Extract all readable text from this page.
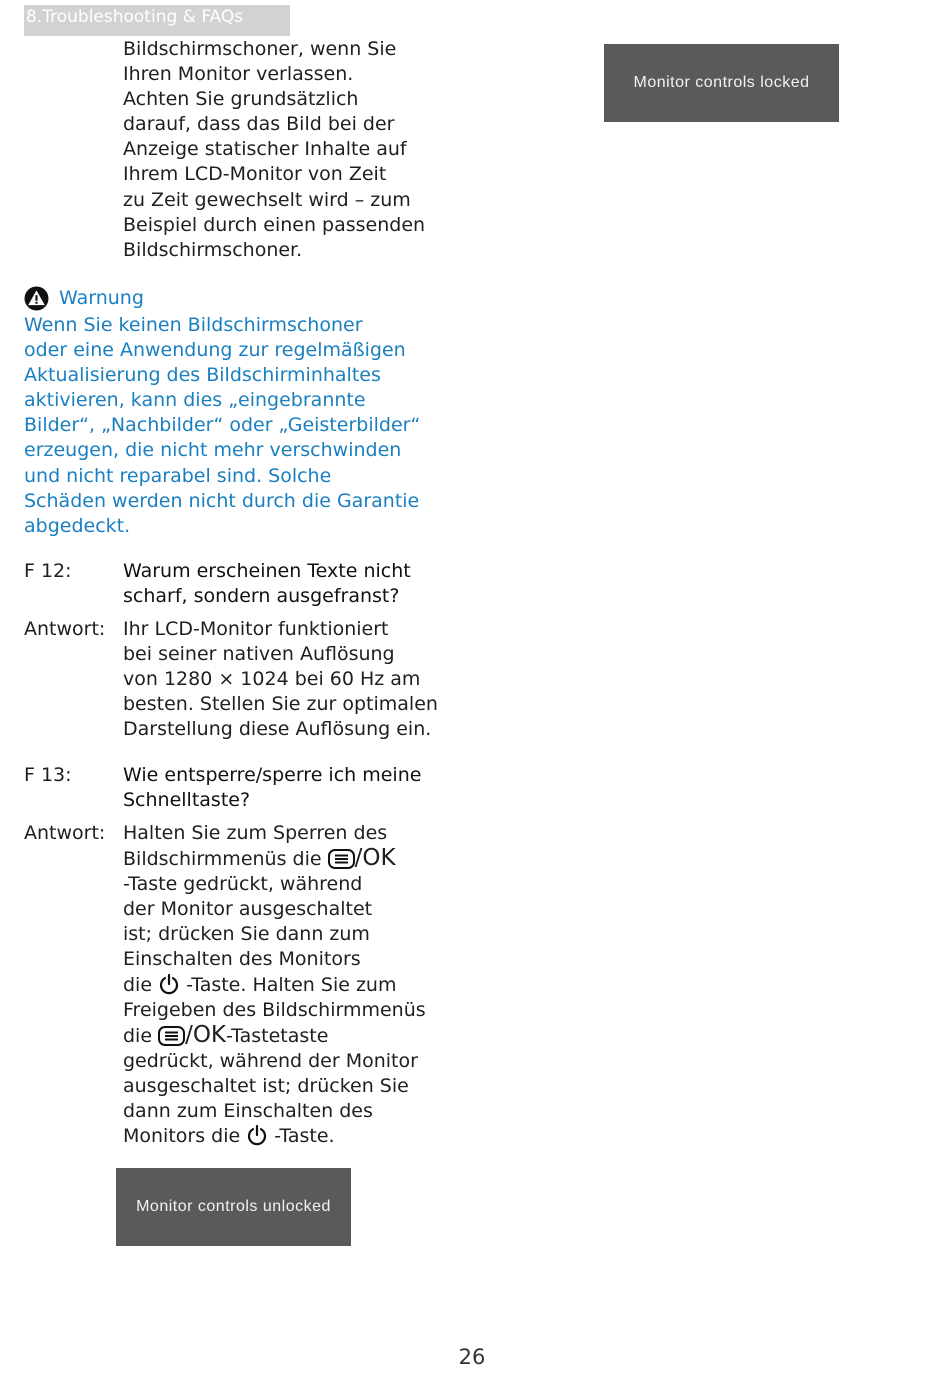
8.Troubleshooting & FAQs
Bildschirmschoner, wenn Sie
Ihren Monitor verlassen.
Achten Sie grundsätzlich
darauf, dass das Bild bei der
Anzeige statischer Inhalte auf
Ihrem LCD-Monitor von Zeit
zu Zeit gewechselt wird – zum
Beispiel durch einen passenden
Bildschirmschoner.
Monitor controls locked
Warnung
Wenn Sie keinen Bildschirmschoner
oder eine Anwendung zur regelmäßigen
Aktualisierung des Bildschirminhaltes
aktivieren, kann dies „eingebrannte
Bilder“, „Nachbilder“ oder „Geisterbilder“
erzeugen, die nicht mehr verschwinden
und nicht reparabel sind. Solche
Schäden werden nicht durch die Garantie
abgedeckt.
F 12:	Warum erscheinen Texte nicht
scharf, sondern ausgefranst?
Antwort: Ihr LCD-Monitor funktioniert
bei seiner nativen Auflösung
von 1280 × 1024 bei 60 Hz am
besten. Stellen Sie zur optimalen
Darstellung diese Auflösung ein.
F 13:	Wie entsperre/sperre ich meine
Schnelltaste?
Antwort: Halten Sie zum Sperren des
Bildschirmmenüs die /OK
-Taste gedrückt, während
der Monitor ausgeschaltet
ist; drücken Sie dann zum
Einschalten des Monitors
die  -Taste. Halten Sie zum
Freigeben des Bildschirmmenüs
die /OK-Tastetaste
gedrückt, während der Monitor
ausgeschaltet ist; drücken Sie
dann zum Einschalten des
Monitors die  -Taste.
Monitor controls unlocked
26
